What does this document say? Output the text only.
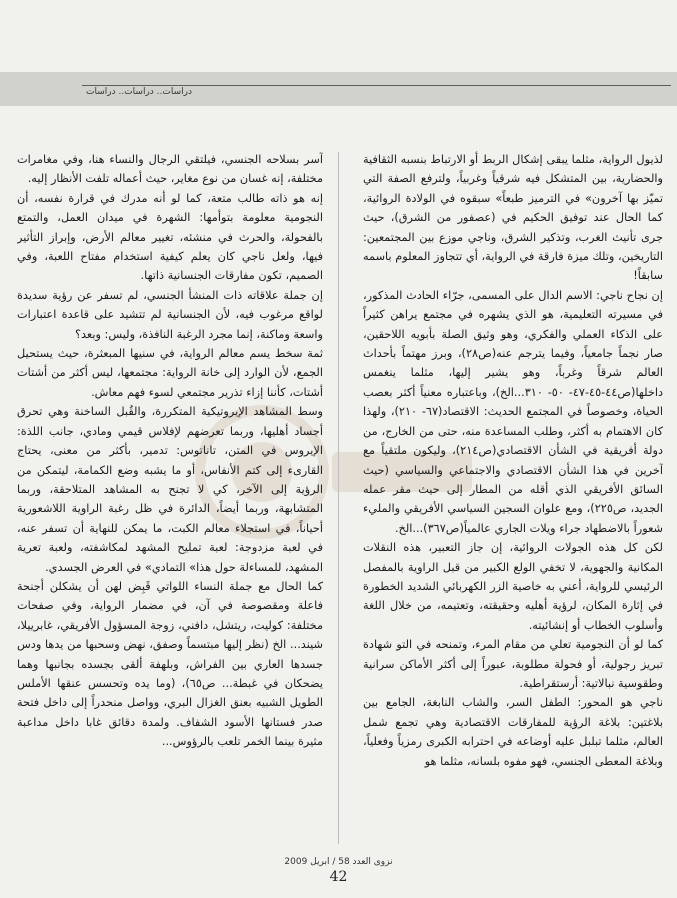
دراسات.. دراسات.. دراسات

لذيول الرواية، مثلما يبقى إشكال الربط أو الارتباط بنسبه الثقافية والحضارية، بين المتشكل فيه شرقياً وغربياً، ولترفع الصفة التي تميّز بها آخرون» في الترميز طبعاً» سبقوه في الولادة الروائية، كما الحال عند توفيق الحكيم في (عصفور من الشرق)، حيث جرى تأنيث الغرب، وتذكير الشرق، وناجي موزع بين المجتمعين: التاريخين، وتلك ميزة فارقة في الرواية، أي تتجاوز المعلوم باسمه سابقاً!

إن نجاح ناجي: الاسم الدال على المسمى، جرّاء الحادث المذكور، في مسيرته التعليمية، هو الذي يشهره في مجتمع يراهن كثيراً على الذكاء العملي والفكري، وهو وثيق الصلة بأبويه اللاحقين، صار نجماً جامعياً، وفيما يترجم عنه(ص٢٨)، وبرز مهتماً بأحداث العالم شرقاً وغرباً، وهو يشير إليها، مثلما ينغمس داخلها(ص٤٤-٤٥-٤٧- ٥٠- ٣١٠...الخ)، وباعتباره معنياً أكثر بعصب الحياة، وخصوصاً في المجتمع الحديث: الاقتصاد(٦٧- ٢١٠)، ولهذا كان الاهتمام به أكثر، وطلب المساعدة منه، حتى من الخارج، من دولة أفريقية في الشأن الاقتصادي(ص٢١٤)، وليكون ملتقياً مع آخرين في هذا الشأن الاقتصادي والاجتماعي والسياسي (حيث السائق الأفريقي الذي أقله من المطار إلى حيث مقر عمله الجديد، ص٢٢٥)، ومع علوان السجين السياسي الأفريقي والمليء شعوراً بالاضطهاد جراء ويلات الجاري عالمياً(ص٣٦٧)...الخ.

لكن كل هذه الجولات الروائية، إن جاز التعبير، هذه النقلات المكانية والجهوية، لا تخفي الولع الكبير من قبل الراوية بالمفصل الرئيسي للرواية، أعني به خاصية الزر الكهربائي الشديد الخطورة في إثارة المكان، لرؤية أهليه وحقيقته، وتعتيمه، من خلال اللغة وأسلوب الخطاب أو إنشائيته.

كما لو أن النجومية تعلي من مقام المرء، وتمنحه في التو شهادة تبريز رجولية، أو فحولة مطلوبة، عبوراً إلى أكثر الأماكن سرانية وطقوسية نبالاتية: أرستقراطية.

ناجي هو المحور: الطفل السر، والشاب النابغة، الجامع بين بلاغتين: بلاغة الرؤية للمفارقات الاقتصادية وهي تجمع شمل العالم، مثلما تبلبل عليه أوضاعه في احترابه الكبرى رمزياً وفعلياً، وبلاغة المعطى الجنسي، فهو مفوه بلسانه، مثلما هو

آسر بسلاحه الجنسي، فيلتقي الرجال والنساء هنا، وفي مغامرات مختلفة، إنه غسان من نوع مغاير، حيث أعماله تلفت الأنظار إليه.

إنه هو ذاته طالب متعة، كما لو أنه مدرك في قرارة نفسه، أن النجومية معلومة بتوأمها: الشهرة في ميدان العمل، والتمتع بالفحولة، والحرث في منشئه، تغيير معالم الأرض، وإبراز التأثير فيها، ولعل ناجي كان يعلم كيفية استخدام مفتاح اللعبة، وفي الصميم، تكون مفارقات الجنسانية ذاتها.

إن جملة علاقاته ذات المنشأ الجنسي، لم تسفر عن رؤية سديدة لواقع مرغوب فيه، لأن الجنسانية لم تتشيد على قاعدة اعتبارات واسعة وماكنة، إنما مجرد الرغبة النافذة، وليس: وبعد؟

ثمة سخط يسم معالم الرواية، في سنيها المبعثرة، حيث يستحيل الجمع، لأن الوارد إلى خانة الرواية: مجتمعها، ليس أكثر من أشتات أشتات، كأننا إزاء تذرير مجتمعي لسوء فهم معاش.

وسط المشاهد الإيروتيكية المتكررة، والقُبل الساخنة وهي تحرق أجساد أهليها، وربما تعرضهم لإفلاس قيمي ومادي، جانب اللذة: الإيروس في المتن، تاناتوس: تدمير، بأكثر من معنى، يحتاج القارىء إلى كتم الأنفاس، أو ما يشبه وضع الكمامة، ليتمكن من الرؤية إلى الآخر، كي لا تجنح به المشاهد المتلاحقة، وربما المتشابهة، وربما أيضاً، الدائرة في ظل رغبة الراوية اللاشعورية أحياناً، في استجلاء معالم الكبت، ما يمكن للنهاية أن تسفر عنه، في لعبة مزدوجة: لعبة تمليح المشهد لمكاشفته، ولعبة تعرية المشهد، للمساءلة حول هذا» التمادي» في العرض الجسدي.

كما الحال مع جملة النساء اللواتي قَبِض لهن أن يشكلن أجنحة فاعلة ومقصوصة في آن، في مضمار الرواية، وفي صفحات مختلفة: كوليت، ريتشل، دافني، زوجة المسؤول الأفريقي، غابرييلا، شيند... الخ (نظر إليها مبتسماً وصفق، نهض وسحبها من يدها ودس جسدها العاري بين الفراش، وبلهفة ألقى بجسده بجانبها وهما يضحكان في غبطة... ص٦٥)، (وما يده وتحسس عنقها الأملس الطويل الشبيه بعنق الغزال البري، وواصل منحدراً إلى داخل فتحة صدر فستانها الأسود الشفاف. ولمدة دقائق غابا داخل مداعبة مثيرة بينما الخمر تلعب بالرؤوس...

نزوى العدد 58 / ابريل 2009
42
